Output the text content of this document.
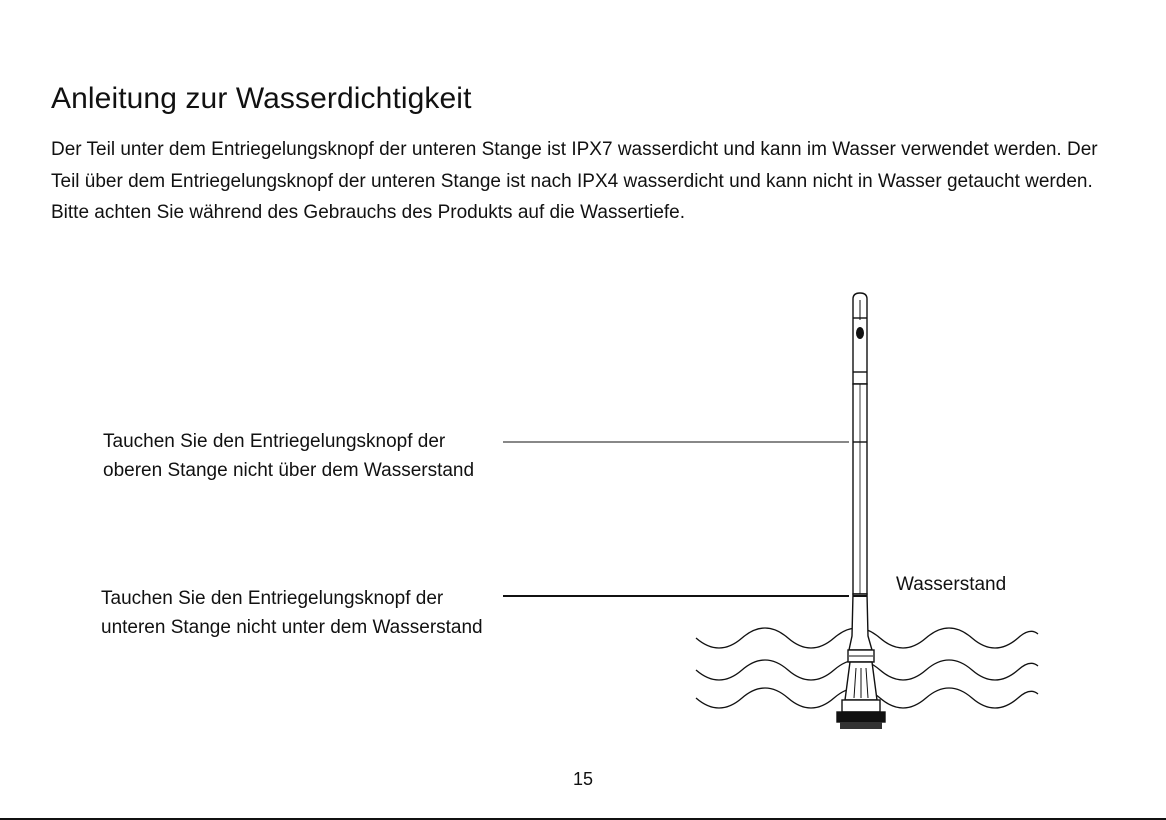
Anleitung zur Wasserdichtigkeit

Der Teil unter dem Entriegelungsknopf der unteren Stange ist IPX7 wasserdicht und kann im Wasser verwendet werden. Der Teil über dem Entriegelungsknopf der unteren Stange ist nach IPX4 wasserdicht und kann nicht in Wasser getaucht werden. Bitte achten Sie während des Gebrauchs des Produkts auf die Wassertiefe.

Tauchen Sie den Entriegelungsknopf der
oberen Stange nicht über dem Wasserstand
Tauchen Sie den Entriegelungsknopf der
unteren Stange nicht unter dem Wasserstand
Wasserstand
15
